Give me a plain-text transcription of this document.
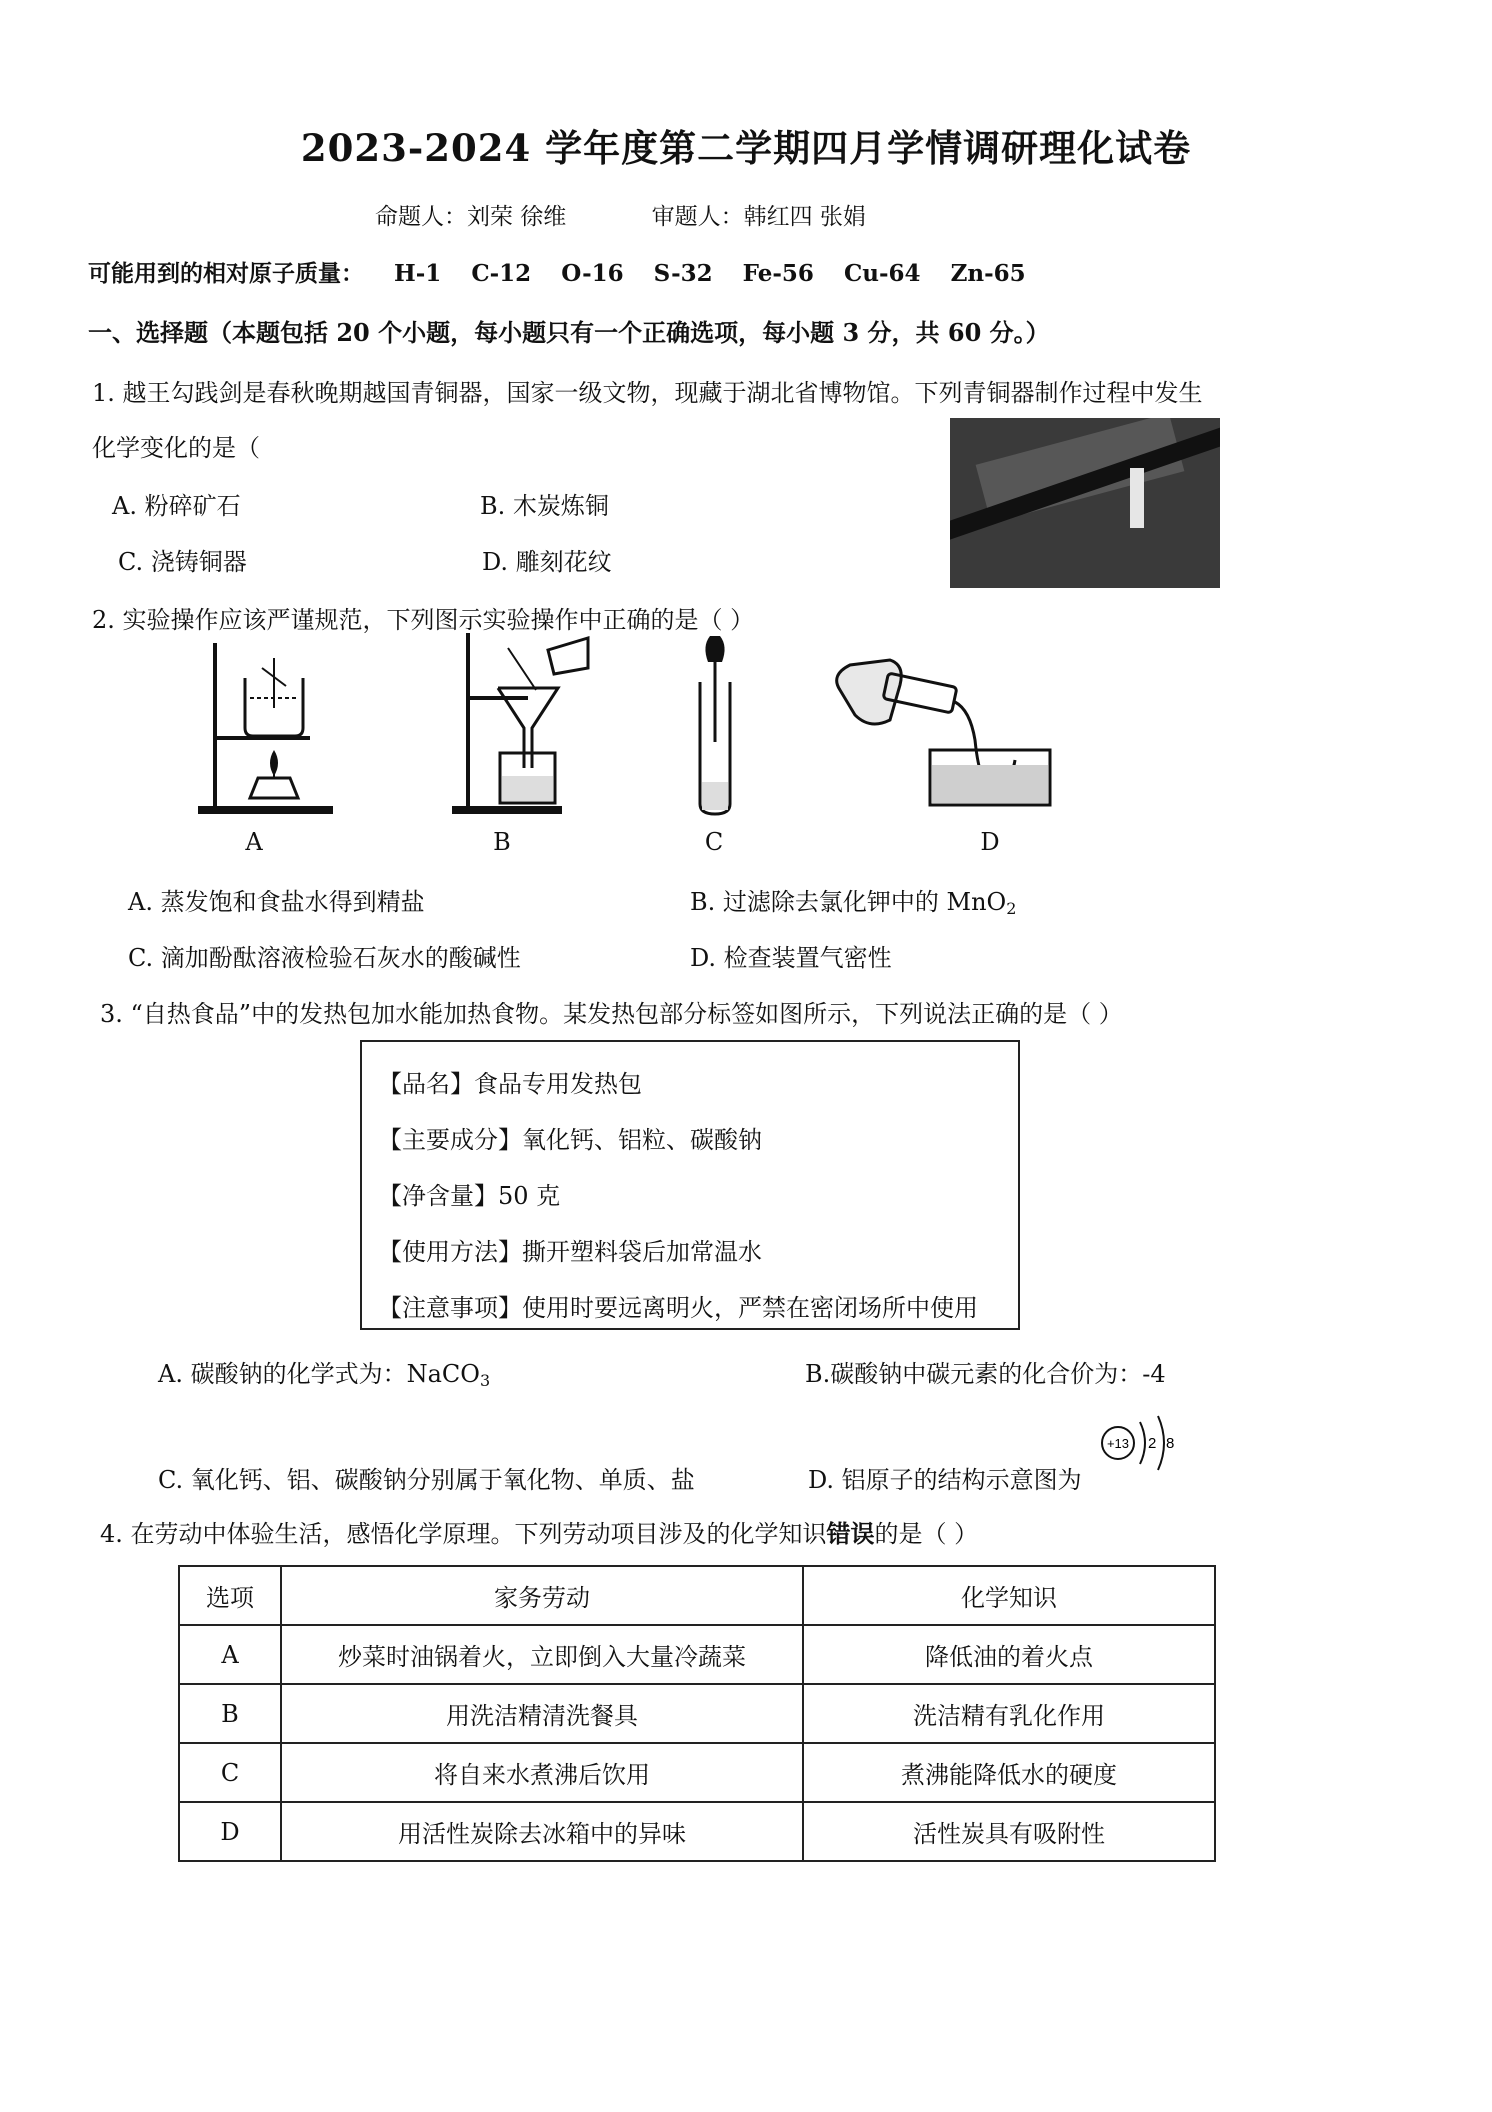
2023-2024 学年度第二学期四月学情调研理化试卷
命题人：刘荣 徐维	审题人：韩红四 张娟
可能用到的相对原子质量： H-1 C-12 O-16 S-32 Fe-56 Cu-64 Zn-65
一、选择题（本题包括 20 个小题，每小题只有一个正确选项，每小题 3 分，共 60 分。）
1. 越王勾践剑是春秋晚期越国青铜器，国家一级文物，现藏于湖北省博物馆。下列青铜器制作过程中发生
化学变化的是（
A. 粉碎矿石	B. 木炭炼铜
C. 浇铸铜器	D. 雕刻花纹
2. 实验操作应该严谨规范，下列图示实验操作中正确的是（ ）
A	B	C	D
A. 蒸发饱和食盐水得到精盐	B. 过滤除去氯化钾中的 MnO$_2$
C. 滴加酚酞溶液检验石灰水的酸碱性	D. 检查装置气密性
3. “自热食品”中的发热包加水能加热食物。某发热包部分标签如图所示，下列说法正确的是（ ）
【品名】食品专用发热包
【主要成分】氧化钙、铝粒、碳酸钠
【净含量】50 克
【使用方法】撕开塑料袋后加常温水
【注意事项】使用时要远离明火，严禁在密闭场所中使用
A. 碳酸钠的化学式为：NaCO$_3$	B.碳酸钠中碳元素的化合价为：-4
C. 氧化钙、铝、碳酸钠分别属于氧化物、单质、盐	D. 铝原子的结构示意图为
+13 2 8
4. 在劳动中体验生活，感悟化学原理。下列劳动项目涉及的化学知识错误的是（ ）
选项	家务劳动	化学知识
A	炒菜时油锅着火，立即倒入大量冷蔬菜	降低油的着火点
B	用洗洁精清洗餐具	洗洁精有乳化作用
C	将自来水煮沸后饮用	煮沸能降低水的硬度
D	用活性炭除去冰箱中的异味	活性炭具有吸附性
